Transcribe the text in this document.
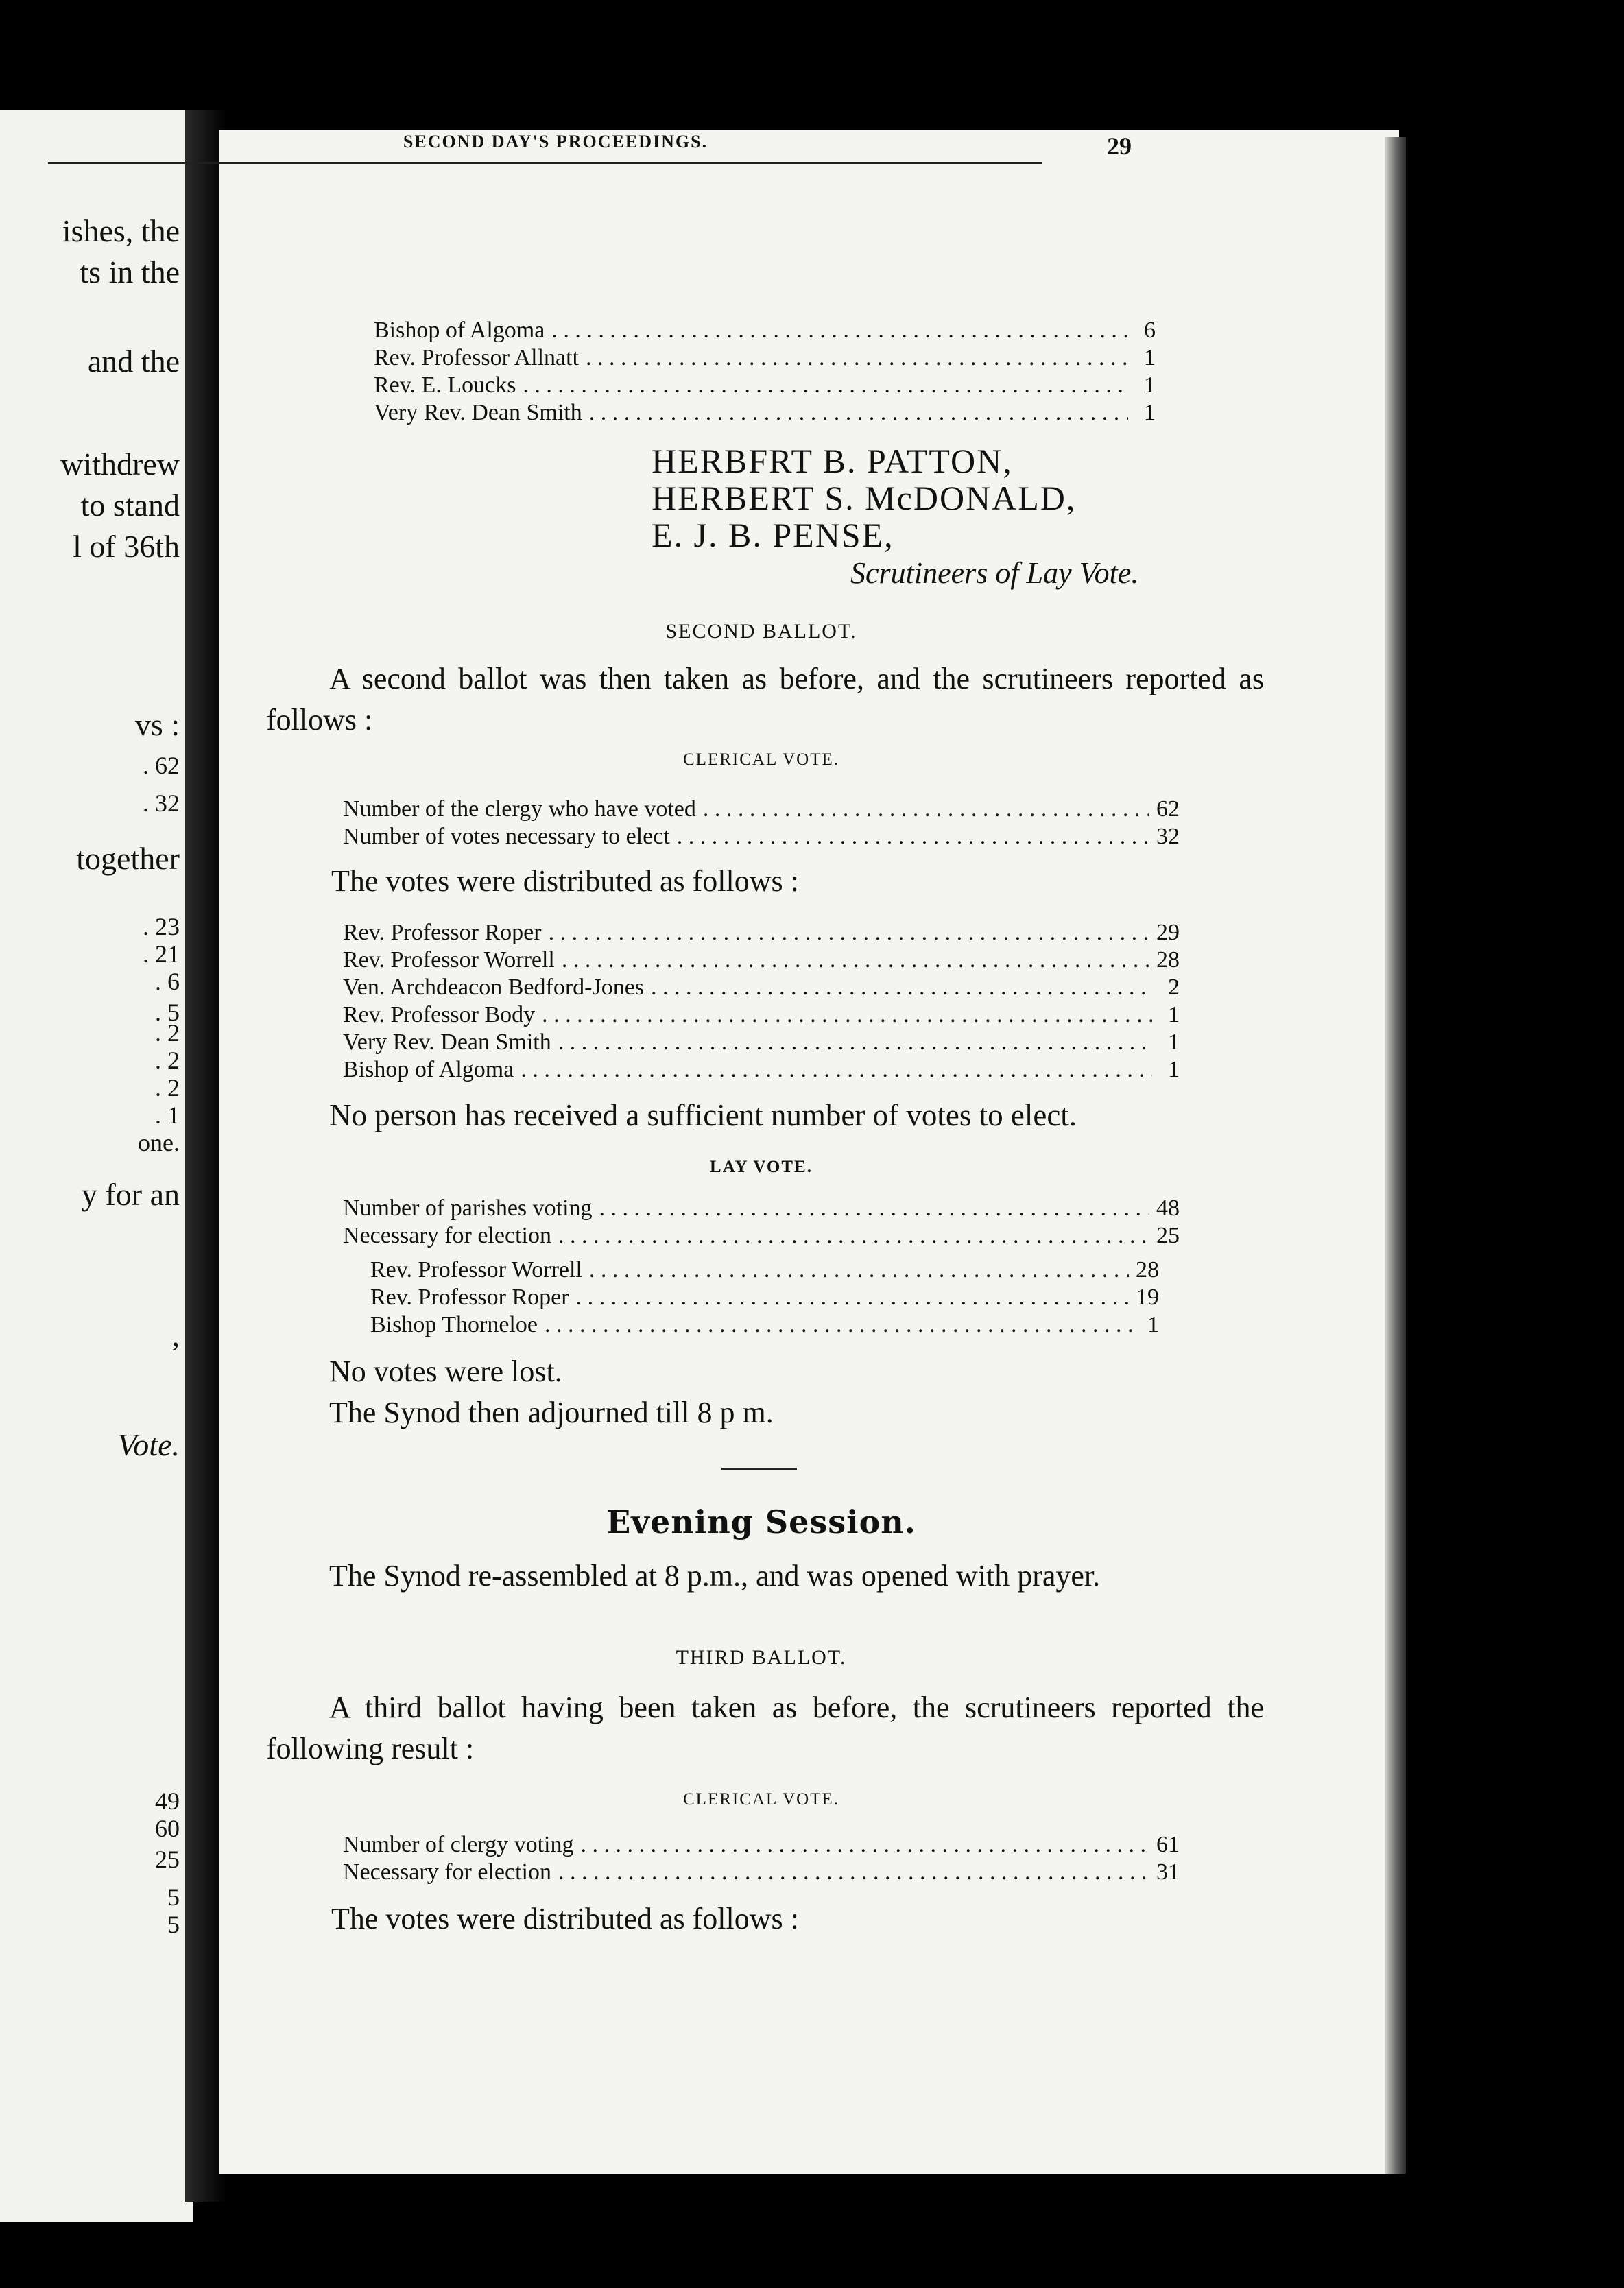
ishes, the
ts in the
and the
withdrew
to stand
l of 36th
vs :
. 62
. 32
together
. 23
. 21
. 6
. 5
. 2
. 2
. 2
. 1
one.
y for an
,
Vote.
49
60
25
5
5
SECOND DAY'S PROCEEDINGS.	29
Bishop of Algoma . . .	6
Rev. Professor Allnatt . . .	1
Rev. E. Loucks . . .	1
Very Rev. Dean Smith . . .	1
HERBFRT B. PATTON,
HERBERT S. McDONALD,
E. J. B. PENSE,
Scrutineers of Lay Vote.
SECOND BALLOT.
A second ballot was then taken as before, and the scrutineers reported as follows :
CLERICAL VOTE.
Number of the clergy who have voted . . .	62
Number of votes necessary to elect . . .	32
The votes were distributed as follows :
Rev. Professor Roper . . .	29
Rev. Professor Worrell . . .	28
Ven. Archdeacon Bedford-Jones . . .	2
Rev. Professor Body . . .	1
Very Rev. Dean Smith . . .	1
Bishop of Algoma . . .	1
No person has received a sufficient number of votes to elect.
LAY VOTE.
Number of parishes voting . . .	48
Necessary for election . . .	25
Rev. Professor Worrell . . .	28
Rev. Professor Roper . . .	19
Bishop Thorneloe . . .	1
No votes were lost.
The Synod then adjourned till 8 p m.
Evening Session.
The Synod re-assembled at 8 p.m., and was opened with prayer.
THIRD BALLOT.
A third ballot having been taken as before, the scrutineers reported the following result :
CLERICAL VOTE.
Number of clergy voting . . .	61
Necessary for election . . .	31
The votes were distributed as follows :
